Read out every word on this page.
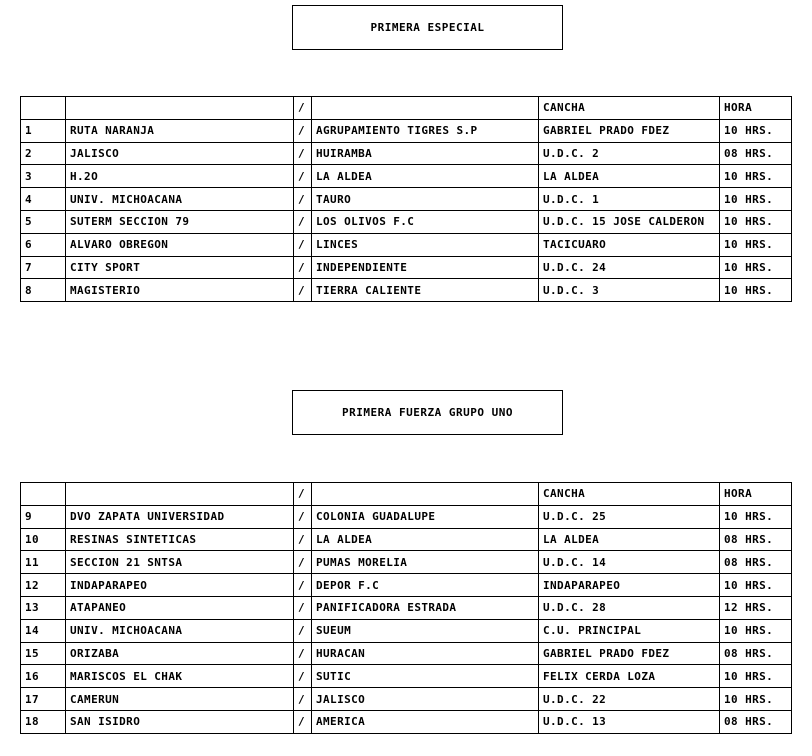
PRIMERA ESPECIAL
		/		CANCHA	HORA
1	RUTA NARANJA	/	AGRUPAMIENTO TIGRES S.P	GABRIEL PRADO FDEZ	10 HRS.
2	JALISCO	/	HUIRAMBA	U.D.C. 2	08 HRS.
3	H.2O	/	LA ALDEA	LA ALDEA	10 HRS.
4	UNIV. MICHOACANA	/	TAURO	U.D.C. 1	10 HRS.
5	SUTERM SECCION 79	/	LOS OLIVOS F.C	U.D.C. 15 JOSE CALDERON	10 HRS.
6	ALVARO OBREGON	/	LINCES	TACICUARO	10 HRS.
7	CITY SPORT	/	INDEPENDIENTE	U.D.C. 24	10 HRS.
8	MAGISTERIO	/	TIERRA CALIENTE	U.D.C. 3	10 HRS.
PRIMERA FUERZA GRUPO UNO
		/		CANCHA	HORA
9	DVO ZAPATA UNIVERSIDAD	/	COLONIA GUADALUPE	U.D.C. 25	10 HRS.
10	RESINAS SINTETICAS	/	LA ALDEA	LA ALDEA	08 HRS.
11	SECCION 21 SNTSA	/	PUMAS MORELIA	U.D.C. 14	08 HRS.
12	INDAPARAPEO	/	DEPOR F.C	INDAPARAPEO	10 HRS.
13	ATAPANEO	/	PANIFICADORA ESTRADA	U.D.C. 28	12 HRS.
14	UNIV. MICHOACANA	/	SUEUM	C.U. PRINCIPAL	10 HRS.
15	ORIZABA	/	HURACAN	GABRIEL PRADO FDEZ	08 HRS.
16	MARISCOS EL CHAK	/	SUTIC	FELIX CERDA LOZA	10 HRS.
17	CAMERUN	/	JALISCO	U.D.C. 22	10 HRS.
18	SAN ISIDRO	/	AMERICA	U.D.C. 13	08 HRS.
